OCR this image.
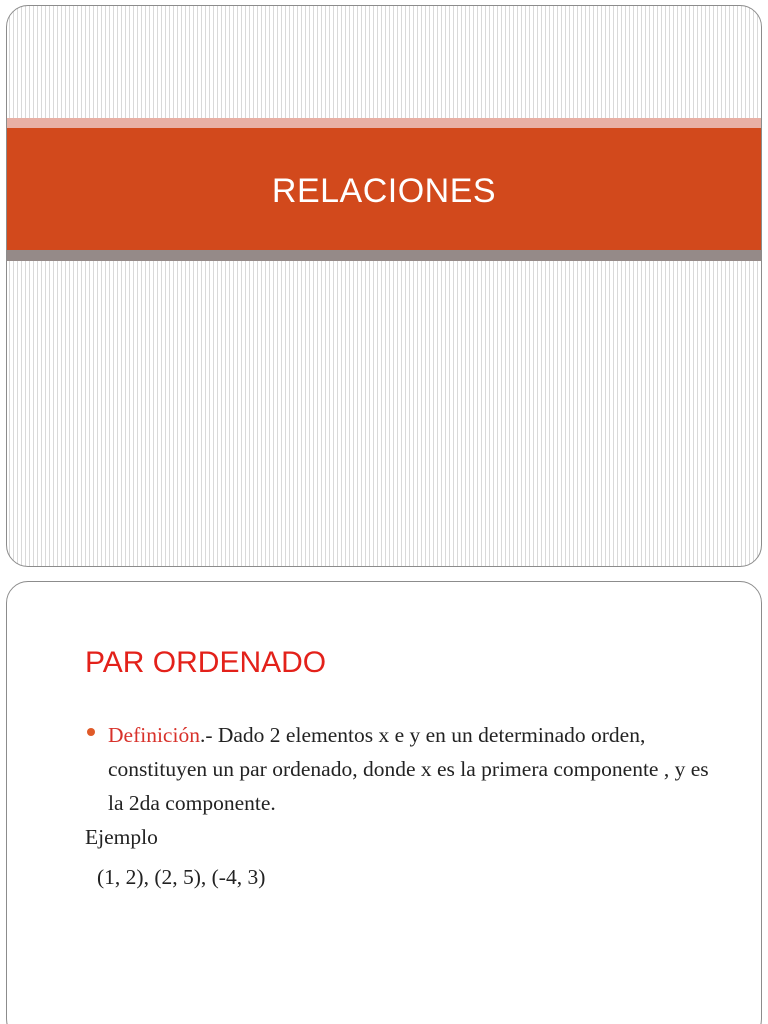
RELACIONES
PAR ORDENADO
Definición.- Dado 2 elementos x e y en un determinado orden, constituyen un par ordenado, donde x es la primera componente , y es la 2da componente.
Ejemplo
(1, 2), (2, 5), (-4, 3)
